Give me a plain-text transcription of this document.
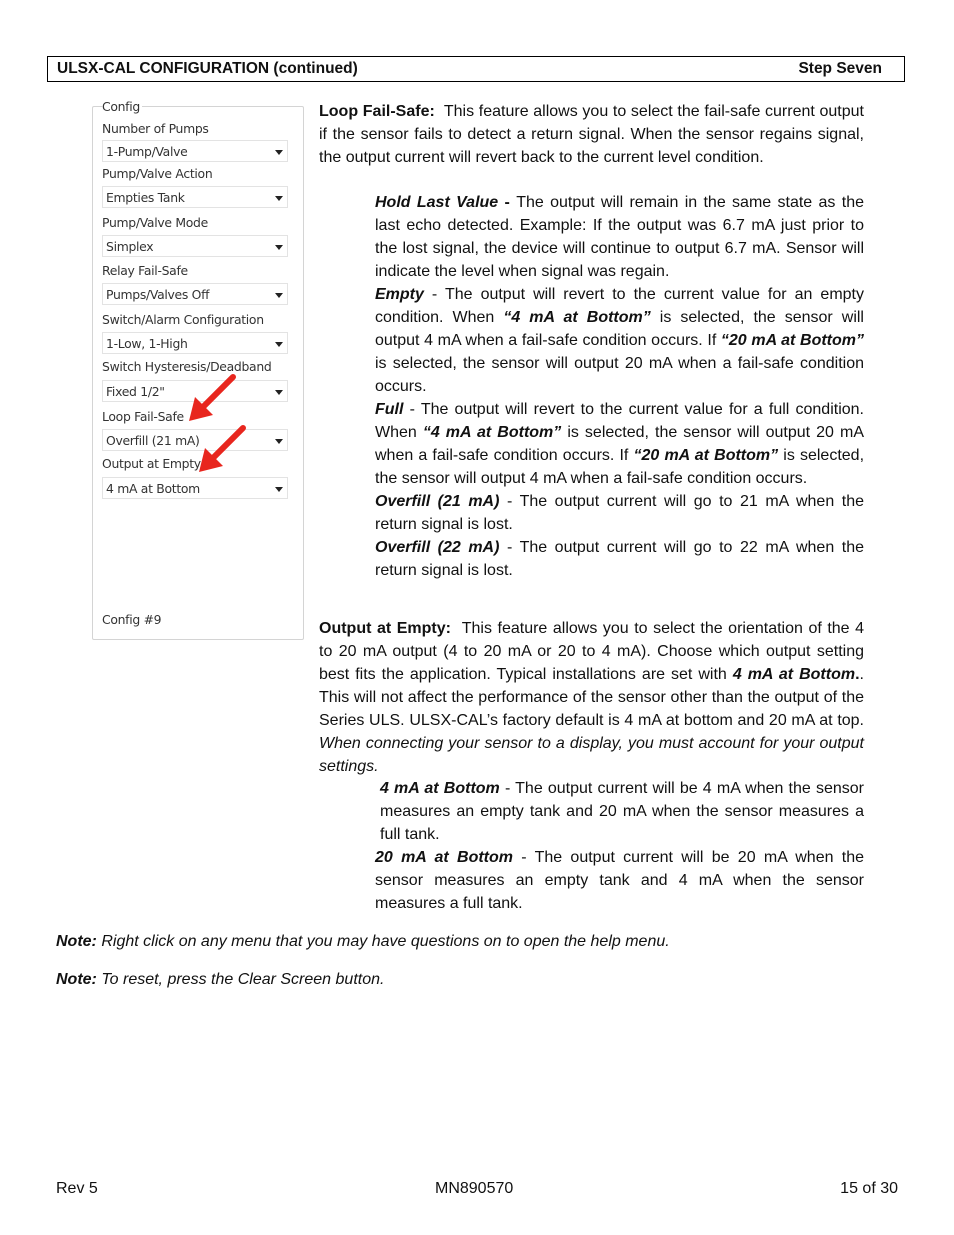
ULSX-CAL CONFIGURATION (continued)	Step Seven
Config
Number of Pumps
1-Pump/Valve
Pump/Valve Action
Empties Tank
Pump/Valve Mode
Simplex
Relay Fail-Safe
Pumps/Valves Off
Switch/Alarm Configuration
1-Low, 1-High
Switch Hysteresis/Deadband
Fixed 1/2"
Loop Fail-Safe
Overfill (21 mA)
Output at Empty
4 mA at Bottom
Config #9

Loop Fail-Safe: This feature allows you to select the fail-safe current output if the sensor fails to detect a return signal. When the sensor regains signal, the output current will revert back to the current level condition.

Hold Last Value - The output will remain in the same state as the last echo detected. Example: If the output was 6.7 mA just prior to the lost signal, the device will continue to output 6.7 mA. Sensor will indicate the level when signal was regain.

Empty - The output will revert to the current value for an empty condition. When “4 mA at Bottom” is selected, the sensor will output 4 mA when a fail-safe condition occurs. If “20 mA at Bottom” is selected, the sensor will output 20 mA when a fail-safe condition occurs.

Full - The output will revert to the current value for a full condition. When “4 mA at Bottom” is selected, the sensor will output 20 mA when a fail-safe condition occurs. If “20 mA at Bottom” is selected, the sensor will output 4 mA when a fail-safe condition occurs.

Overfill (21 mA) - The output current will go to 21 mA when the return signal is lost.

Overfill (22 mA) - The output current will go to 22 mA when the return signal is lost.

Output at Empty: This feature allows you to select the orientation of the 4 to 20 mA output (4 to 20 mA or 20 to 4 mA). Choose which output setting best fits the application. Typical installations are set with 4 mA at Bottom.. This will not affect the performance of the sensor other than the output of the Series ULS. ULSX-CAL’s factory default is 4 mA at bottom and 20 mA at top. When connecting your sensor to a display, you must account for your output settings.

4 mA at Bottom - The output current will be 4 mA when the sensor measures an empty tank and 20 mA when the sensor measures a full tank.

20 mA at Bottom - The output current will be 20 mA when the sensor measures an empty tank and 4 mA when the sensor measures a full tank.

Note: Right click on any menu that you may have questions on to open the help menu.
Note: To reset, press the Clear Screen button.
Rev 5	MN890570	15 of 30
